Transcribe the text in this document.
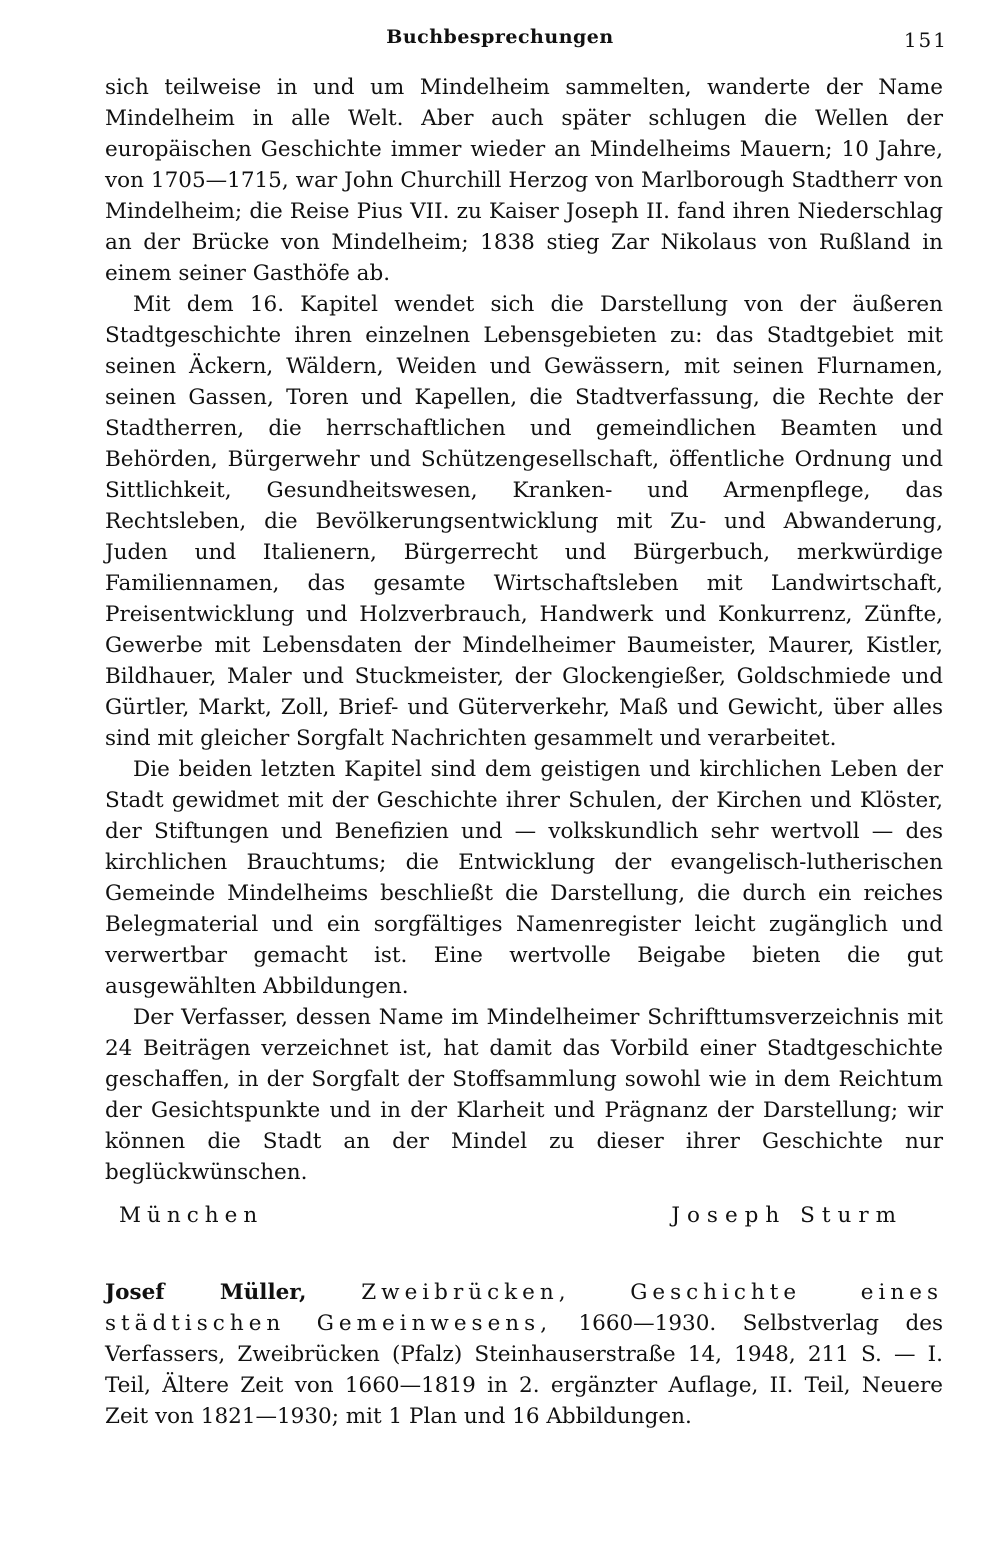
Buchbesprechungen	151

sich teilweise in und um Mindelheim sammelten, wanderte der Name Mindelheim in alle Welt. Aber auch später schlugen die Wellen der europäischen Geschichte immer wieder an Mindelheims Mauern; 10 Jahre, von 1705—1715, war John Churchill Herzog von Marlborough Stadtherr von Mindelheim; die Reise Pius VII. zu Kaiser Joseph II. fand ihren Niederschlag an der Brücke von Mindelheim; 1838 stieg Zar Nikolaus von Rußland in einem seiner Gasthöfe ab.

Mit dem 16. Kapitel wendet sich die Darstellung von der äußeren Stadtgeschichte ihren einzelnen Lebensgebieten zu: das Stadtgebiet mit seinen Äckern, Wäldern, Weiden und Gewässern, mit seinen Flurnamen, seinen Gassen, Toren und Kapellen, die Stadtverfassung, die Rechte der Stadtherren, die herrschaftlichen und gemeindlichen Beamten und Behörden, Bürgerwehr und Schützengesellschaft, öffentliche Ordnung und Sittlichkeit, Gesundheitswesen, Kranken- und Armenpflege, das Rechtsleben, die Bevölkerungsentwicklung mit Zu- und Abwanderung, Juden und Italienern, Bürgerrecht und Bürgerbuch, merkwürdige Familiennamen, das gesamte Wirtschaftsleben mit Landwirtschaft, Preisentwicklung und Holzverbrauch, Handwerk und Konkurrenz, Zünfte, Gewerbe mit Lebensdaten der Mindelheimer Baumeister, Maurer, Kistler, Bildhauer, Maler und Stuckmeister, der Glockengießer, Goldschmiede und Gürtler, Markt, Zoll, Brief- und Güterverkehr, Maß und Gewicht, über alles sind mit gleicher Sorgfalt Nachrichten gesammelt und verarbeitet.

Die beiden letzten Kapitel sind dem geistigen und kirchlichen Leben der Stadt gewidmet mit der Geschichte ihrer Schulen, der Kirchen und Klöster, der Stiftungen und Benefizien und — volkskundlich sehr wertvoll — des kirchlichen Brauchtums; die Entwicklung der evangelisch-lutherischen Gemeinde Mindelheims beschließt die Darstellung, die durch ein reiches Belegmaterial und ein sorgfältiges Namenregister leicht zugänglich und verwertbar gemacht ist. Eine wertvolle Beigabe bieten die gut ausgewählten Abbildungen.

Der Verfasser, dessen Name im Mindelheimer Schrifttumsverzeichnis mit 24 Beiträgen verzeichnet ist, hat damit das Vorbild einer Stadtgeschichte geschaffen, in der Sorgfalt der Stoffsammlung sowohl wie in dem Reichtum der Gesichtspunkte und in der Klarheit und Prägnanz der Darstellung; wir können die Stadt an der Mindel zu dieser ihrer Geschichte nur beglückwünschen.

München	Joseph Sturm

Josef Müller,	Zweibrücken, Geschichte eines städtischen Gemeinwesens, 1660—1930. Selbstverlag des Verfassers, Zweibrücken (Pfalz) Steinhauserstraße 14, 1948, 211 S. — I. Teil, Ältere Zeit von 1660—1819 in 2. ergänzter Auflage, II. Teil, Neuere Zeit von 1821—1930; mit 1 Plan und 16 Abbildungen.
